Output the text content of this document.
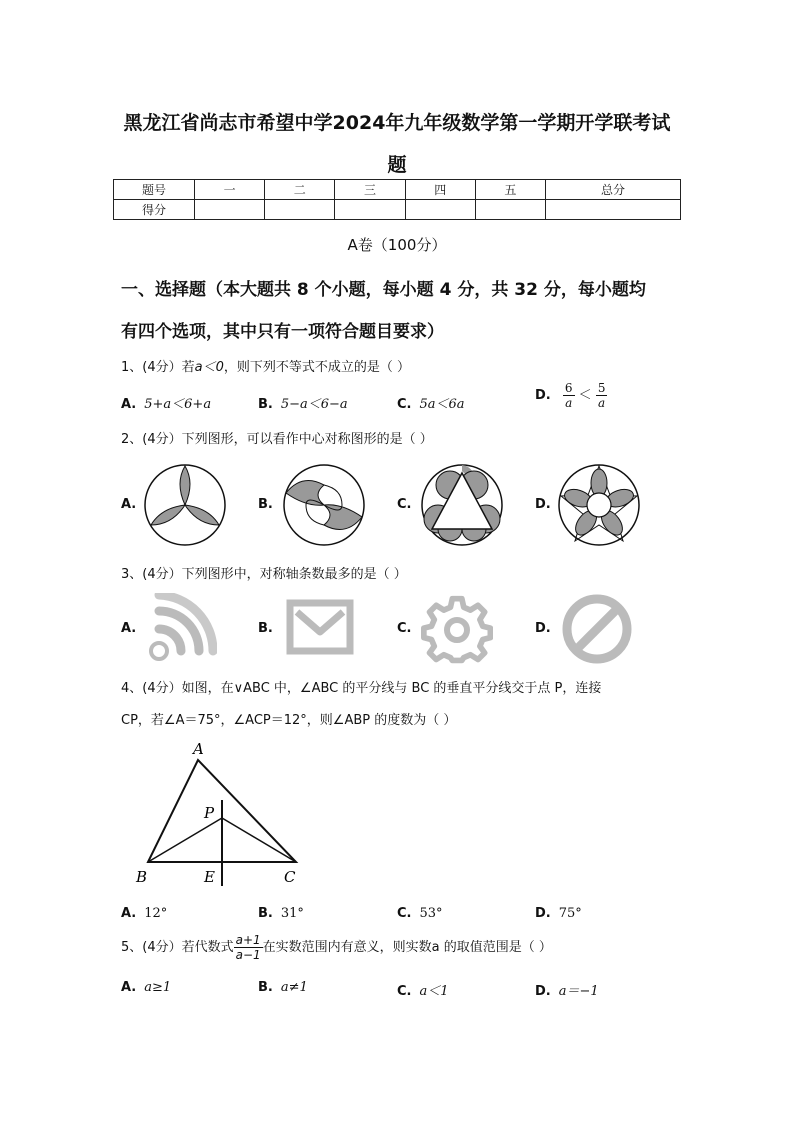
黑龙江省尚志市希望中学2024年九年级数学第一学期开学联考试
题
题号	一	二	三	四	五	总分
得分						
A卷（100分）
一、选择题（本大题共 8 个小题，每小题 4 分，共 32 分，每小题均
有四个选项，其中只有一项符合题目要求）
1、(4分）若a＜0，则下列不等式不成立的是（ ）
A. 5+a＜6+a	B. 5−a＜6−a	C. 5a＜6a
D. $\frac{6}{a} < \frac{5}{a}$
2、(4分）下列图形，可以看作中心对称图形的是（ ）
A.	B.	C.	D.
3、(4分）下列图形中，对称轴条数最多的是（ ）
A.	B.	C.	D.
4、(4分）如图，在∨ABC 中，∠ABC 的平分线与 BC 的垂直平分线交于点 P，连接
CP，若∠A＝75°，∠ACP＝12°，则∠ABP 的度数为（ ）
A
P
B	E	C
A. 12°	B. 31°	C. 53°	D. 75°
5、(4分）若代数式 $\frac{a+1}{a-1}$ 在实数范围内有意义，则实数a 的取值范围是（ ）
A. a≥1	B. a≠1	C. a＜1	D. a＝−1
